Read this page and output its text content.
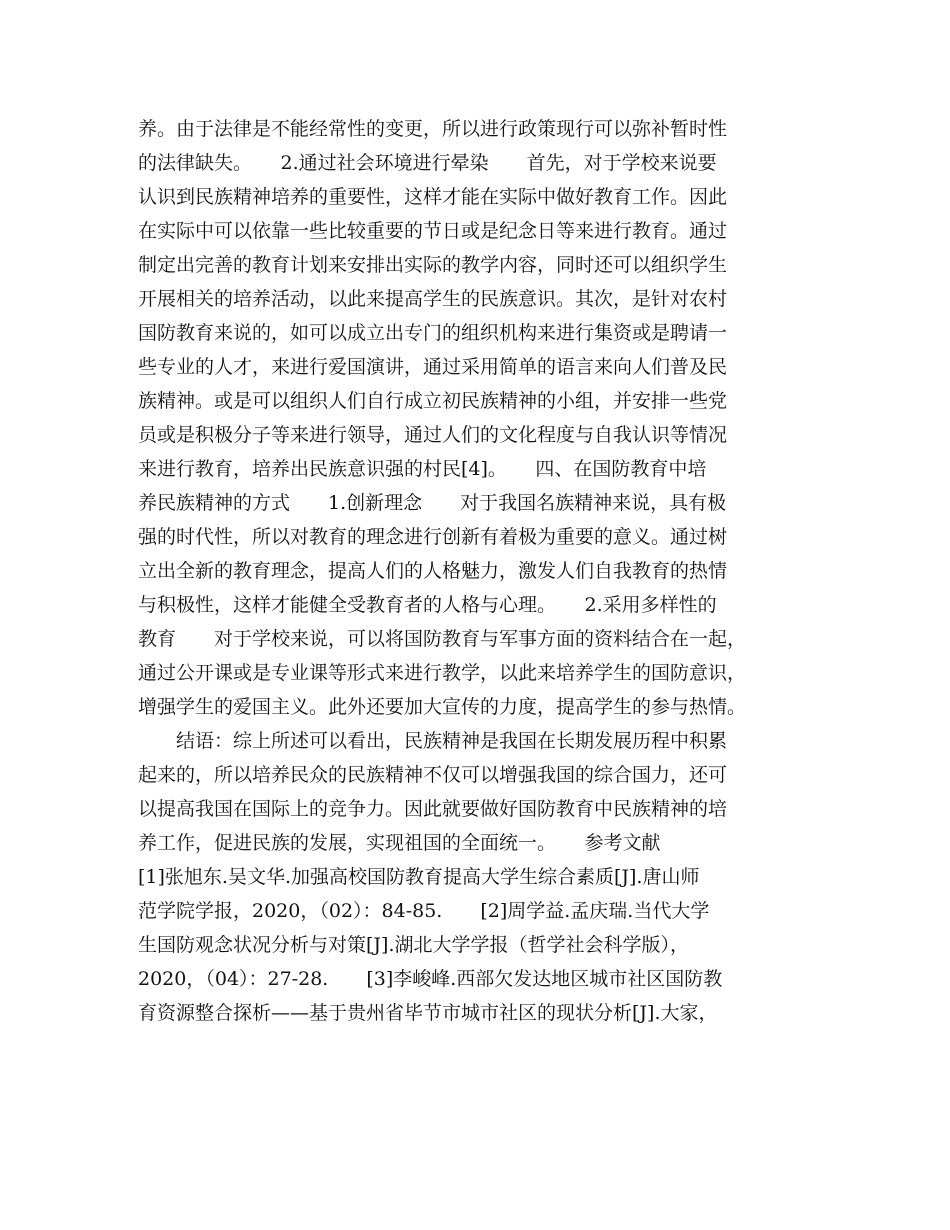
养。由于法律是不能经常性的变更，所以进行政策现行可以弥补暂时性
的法律缺失。　　2.通过社会环境进行晕染　　首先，对于学校来说要
认识到民族精神培养的重要性，这样才能在实际中做好教育工作。因此
在实际中可以依靠一些比较重要的节日或是纪念日等来进行教育。通过
制定出完善的教育计划来安排出实际的教学内容，同时还可以组织学生
开展相关的培养活动，以此来提高学生的民族意识。其次，是针对农村
国防教育来说的，如可以成立出专门的组织机构来进行集资或是聘请一
些专业的人才，来进行爱国演讲，通过采用简单的语言来向人们普及民
族精神。或是可以组织人们自行成立初民族精神的小组，并安排一些党
员或是积极分子等来进行领导，通过人们的文化程度与自我认识等情况
来进行教育，培养出民族意识强的村民[4]。　　四、在国防教育中培
养民族精神的方式　　1.创新理念　　对于我国名族精神来说，具有极
强的时代性，所以对教育的理念进行创新有着极为重要的意义。通过树
立出全新的教育理念，提高人们的人格魅力，激发人们自我教育的热情
与积极性，这样才能健全受教育者的人格与心理。　　2.采用多样性的
教育　　对于学校来说，可以将国防教育与军事方面的资料结合在一起，
通过公开课或是专业课等形式来进行教学，以此来培养学生的国防意识，
增强学生的爱国主义。此外还要加大宣传的力度，提高学生的参与热情。
　　结语：综上所述可以看出，民族精神是我国在长期发展历程中积累
起来的，所以培养民众的民族精神不仅可以增强我国的综合国力，还可
以提高我国在国际上的竞争力。因此就要做好国防教育中民族精神的培
养工作，促进民族的发展，实现祖国的全面统一。　　参考文献
[1]张旭东.吴文华.加强高校国防教育提高大学生综合素质[J].唐山师
范学院学报，2020，（02）：84-85.　　[2]周学益.孟庆瑞.当代大学
生国防观念状况分析与对策[J].湖北大学学报（哲学社会科学版），
2020，（04）：27-28.　　[3]李峻峰.西部欠发达地区城市社区国防教
育资源整合探析——基于贵州省毕节市城市社区的现状分析[J].大家，
